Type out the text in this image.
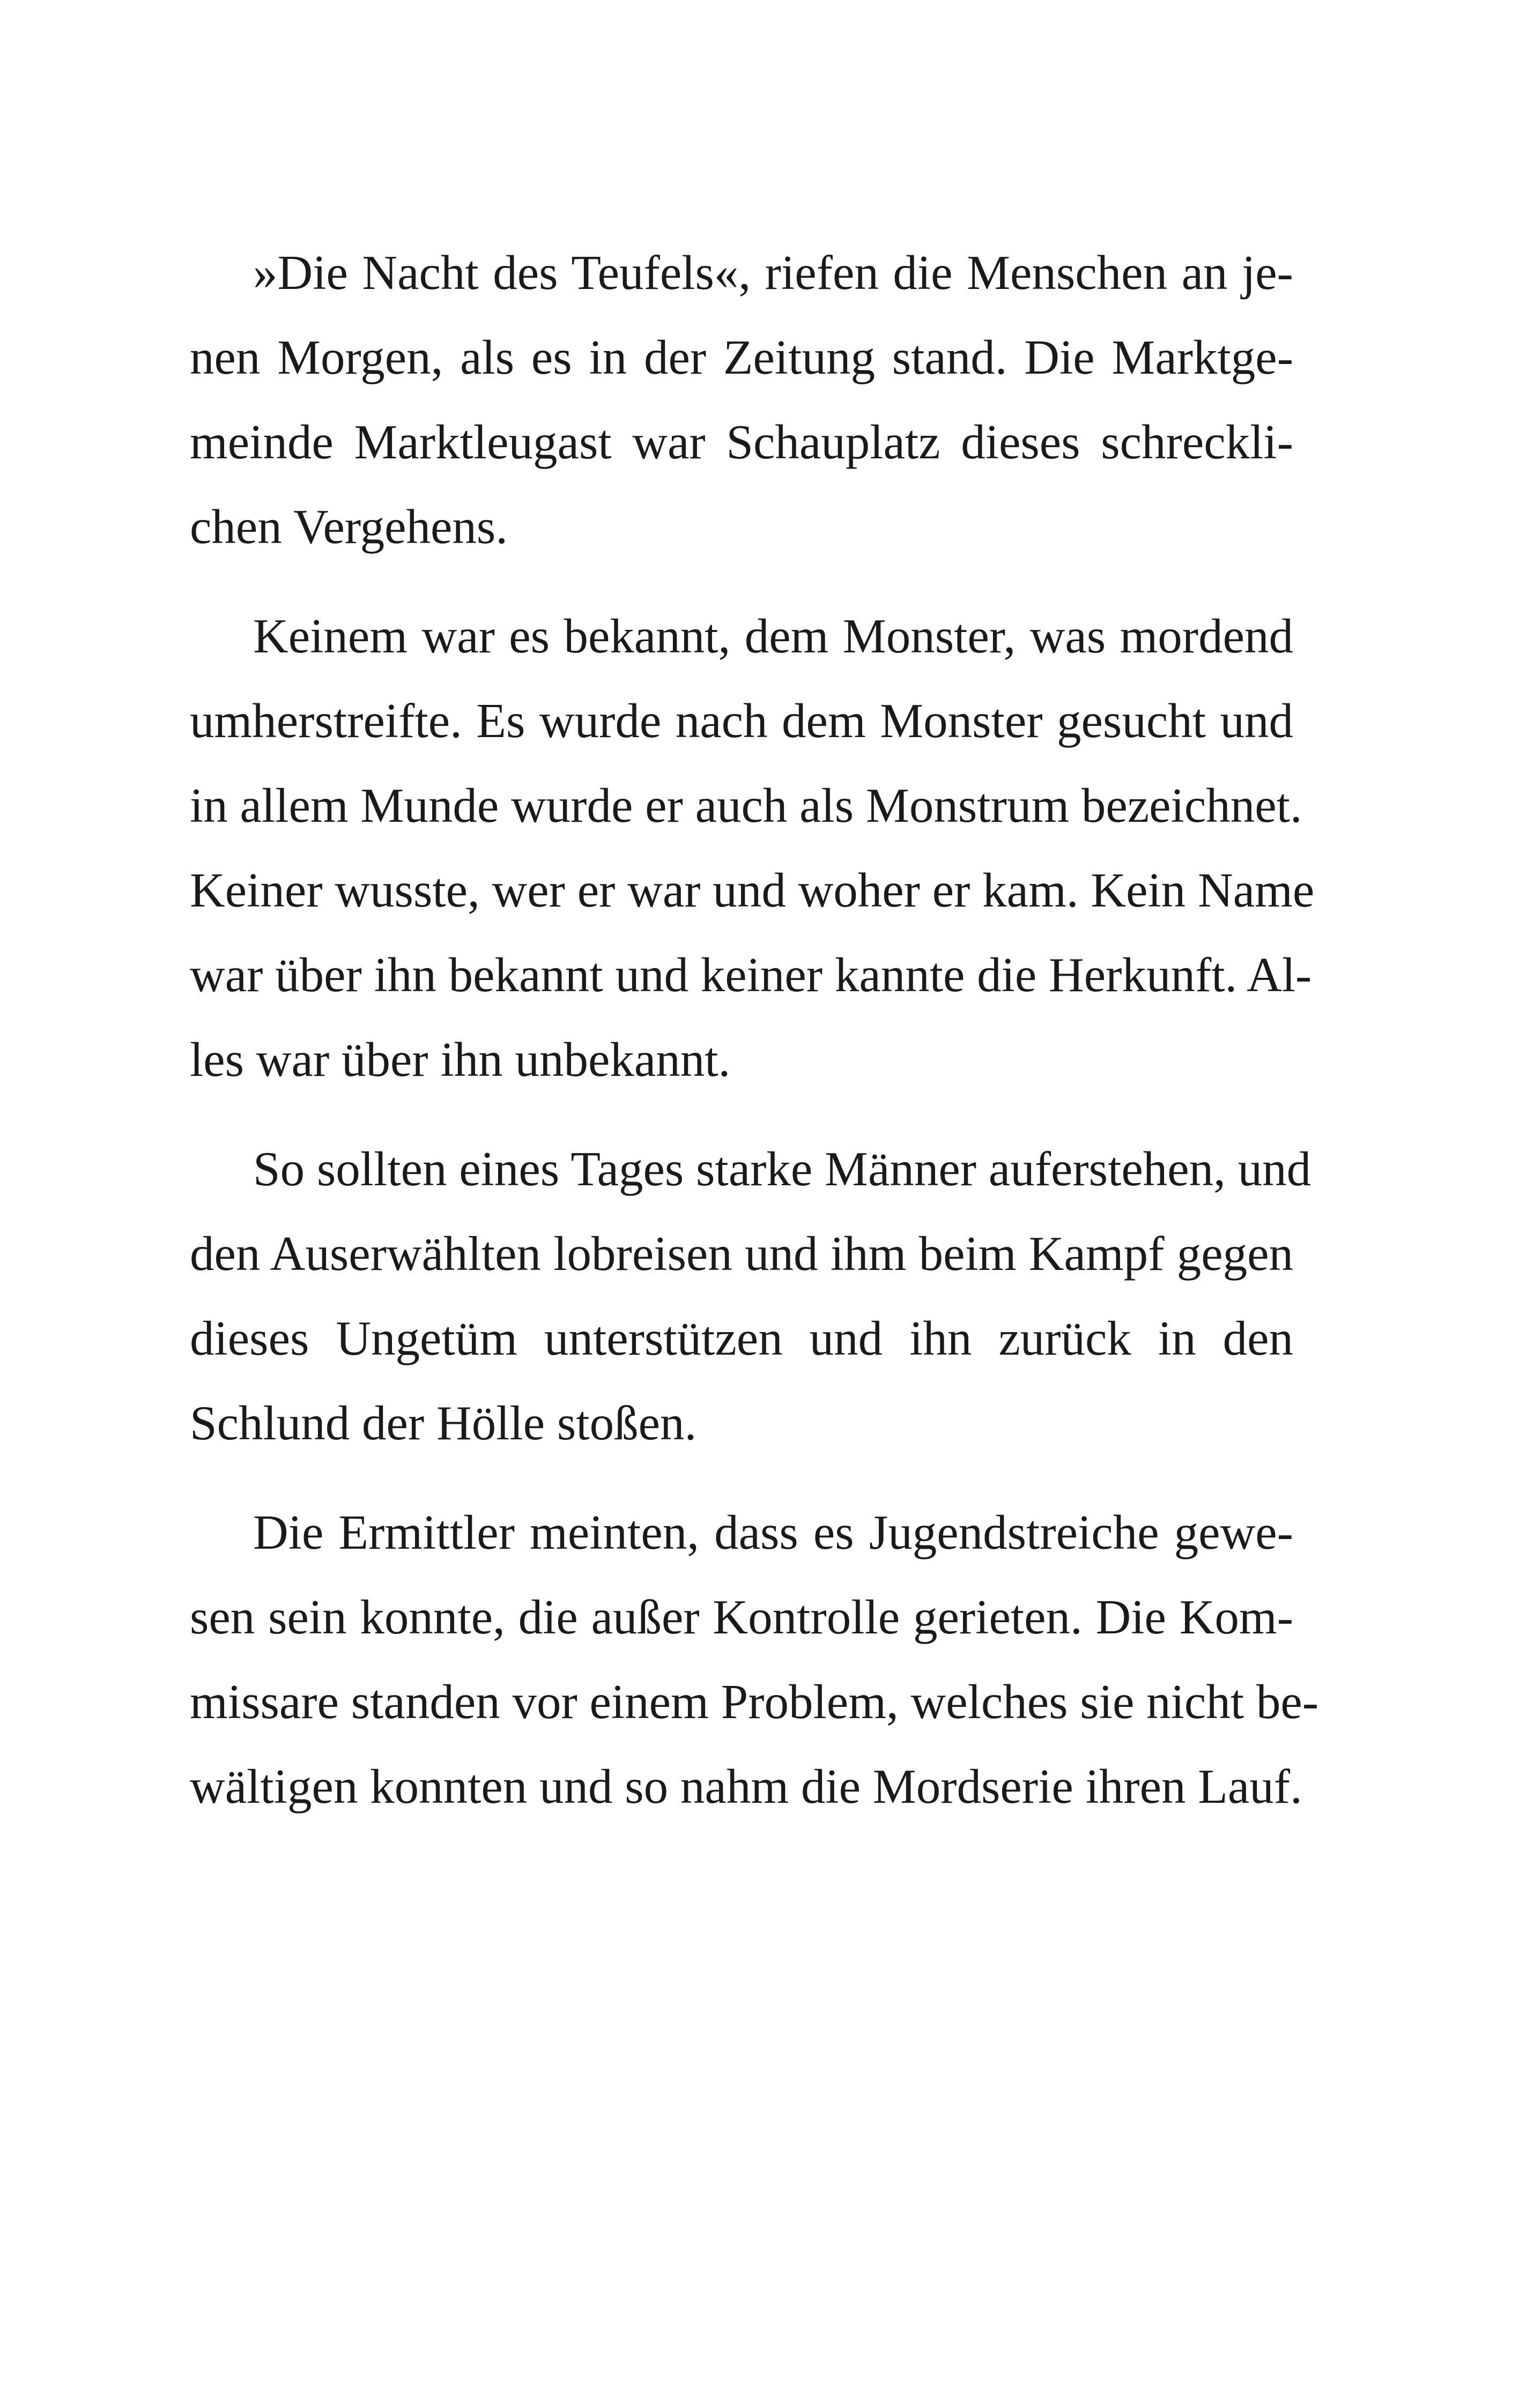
»Die Nacht des Teufels«, riefen die Menschen an je-
nen Morgen, als es in der Zeitung stand. Die Marktge-
meinde Marktleugast war Schauplatz dieses schreckli-
chen Vergehens.
Keinem war es bekannt, dem Monster, was mordend
umherstreifte. Es wurde nach dem Monster gesucht und
in allem Munde wurde er auch als Monstrum bezeichnet.
Keiner wusste, wer er war und woher er kam. Kein Name
war über ihn bekannt und keiner kannte die Herkunft. Al-
les war über ihn unbekannt.
So sollten eines Tages starke Männer auferstehen, und
den Auserwählten lobreisen und ihm beim Kampf gegen
dieses Ungetüm unterstützen und ihn zurück in den
Schlund der Hölle stoßen.
Die Ermittler meinten, dass es Jugendstreiche gewe-
sen sein konnte, die außer Kontrolle gerieten. Die Kom-
missare standen vor einem Problem, welches sie nicht be-
wältigen konnten und so nahm die Mordserie ihren Lauf.
